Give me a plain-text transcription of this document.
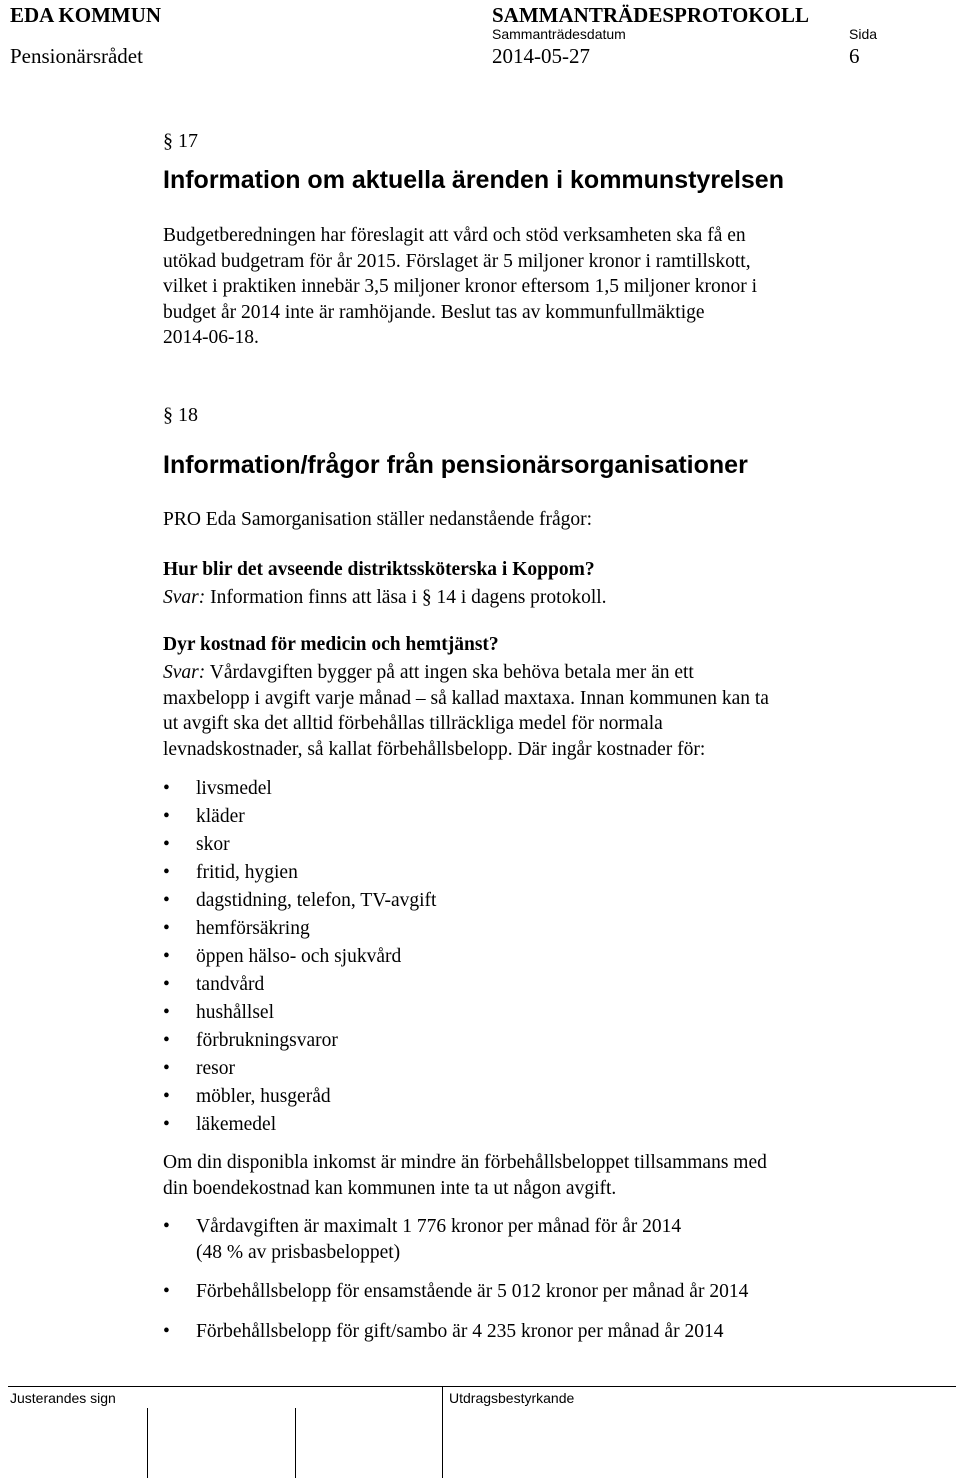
EDA KOMMUN	SAMMANTRÄDESPROTOKOLL
Sammanträdesdatum	Sida
Pensionärsrådet	2014-05-27	6
§ 17
Information om aktuella ärenden i kommunstyrelsen

Budgetberedningen har föreslagit att vård och stöd verksamheten ska få en

utökad budgetram för år 2015. Förslaget är 5 miljoner kronor i ramtillskott,

vilket i praktiken innebär 3,5 miljoner kronor eftersom 1,5 miljoner kronor i

budget år 2014 inte är ramhöjande. Beslut tas av kommunfullmäktige

2014-06-18.

§ 18
Information/frågor från pensionärsorganisationer
PRO Eda Samorganisation ställer nedanstående frågor:
Hur blir det avseende distriktssköterska i Koppom?
Svar: Information finns att läsa i § 14 i dagens protokoll.
Dyr kostnad för medicin och hemtjänst?

Svar: Vårdavgiften bygger på att ingen ska behöva betala mer än ett

maxbelopp i avgift varje månad – så kallad maxtaxa. Innan kommunen kan ta

ut avgift ska det alltid förbehållas tillräckliga medel för normala

levnadskostnader, så kallat förbehållsbelopp. Där ingår kostnader för:

• livsmedel
• kläder
• skor
• fritid, hygien
• dagstidning, telefon, TV-avgift
• hemförsäkring
• öppen hälso- och sjukvård
• tandvård
• hushållsel
• förbrukningsvaror
• resor
• möbler, husgeråd
• läkemedel

Om din disponibla inkomst är mindre än förbehållsbeloppet tillsammans med

din boendekostnad kan kommunen inte ta ut någon avgift.

• Vårdavgiften är maximalt 1 776 kronor per månad för år 2014
(48 % av prisbasbeloppet)
• Förbehållsbelopp för ensamstående är 5 012 kronor per månad år 2014
• Förbehållsbelopp för gift/sambo är 4 235 kronor per månad år 2014
Justerandes sign	Utdragsbestyrkande
